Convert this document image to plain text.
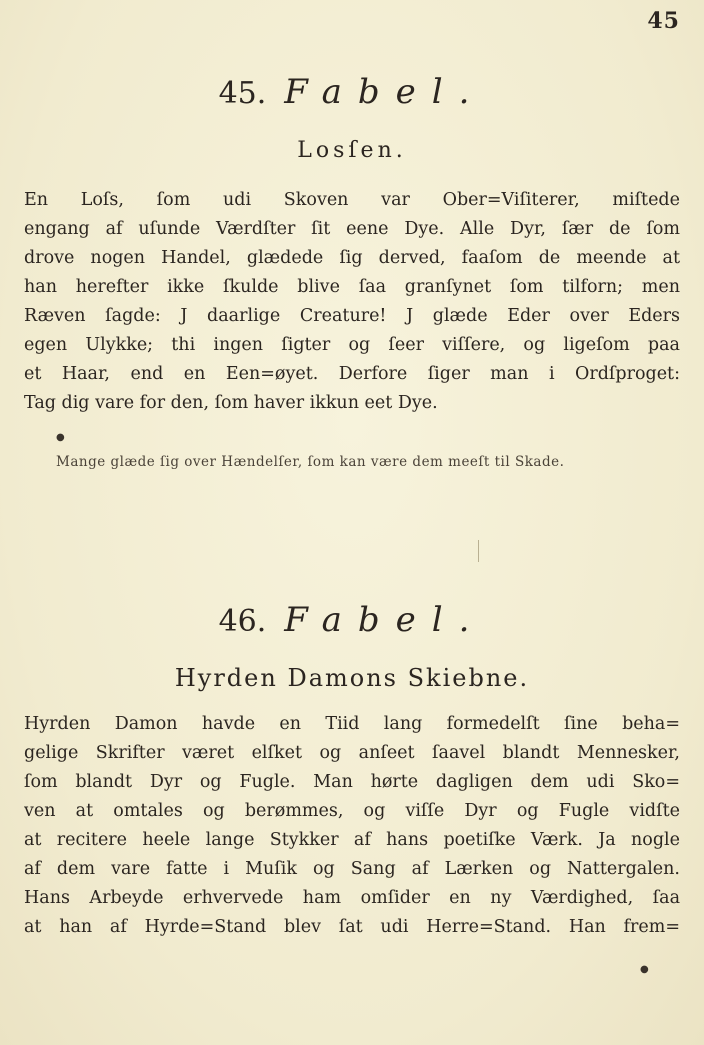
45
45. Fabel.
Losſen.
En Loſs, ſom udi Skoven var Ober=Viſiterer, miſtede
engang af uſunde Værdſter ſit eene Dye. Alle Dyr, ſær de ſom
drove nogen Handel, glædede ſig derved, faaſom de meende at
han herefter ikke ſkulde blive ſaa granſynet ſom tilforn; men
Ræven ſagde: J daarlige Creature! J glæde Eder over Eders
egen Ulykke; thi ingen ſigter og ſeer viſſere, og ligeſom paa
et Haar, end en Een=øyet. Derfore ſiger man i Ordſproget:
Tag dig vare for den, ſom haver ikkun eet Dye.
●
Mange glæde ſig over Hændelſer, ſom kan være dem meeſt til Skade.
46. Fabel.
Hyrden Damons Skiebne.
Hyrden Damon havde en Tiid lang formedelſt ſine beha=
gelige Skrifter været elſket og anſeet ſaavel blandt Mennesker,
ſom blandt Dyr og Fugle. Man hørte dagligen dem udi Sko=
ven at omtales og berømmes, og viſſe Dyr og Fugle vidſte
at recitere heele lange Stykker af hans poetiſke Værk. Ja nogle
af dem vare fatte i Muſik og Sang af Lærken og Nattergalen.
Hans Arbeyde erhvervede ham omſider en ny Værdighed, ſaa
at han af Hyrde=Stand blev ſat udi Herre=Stand. Han frem=
●
